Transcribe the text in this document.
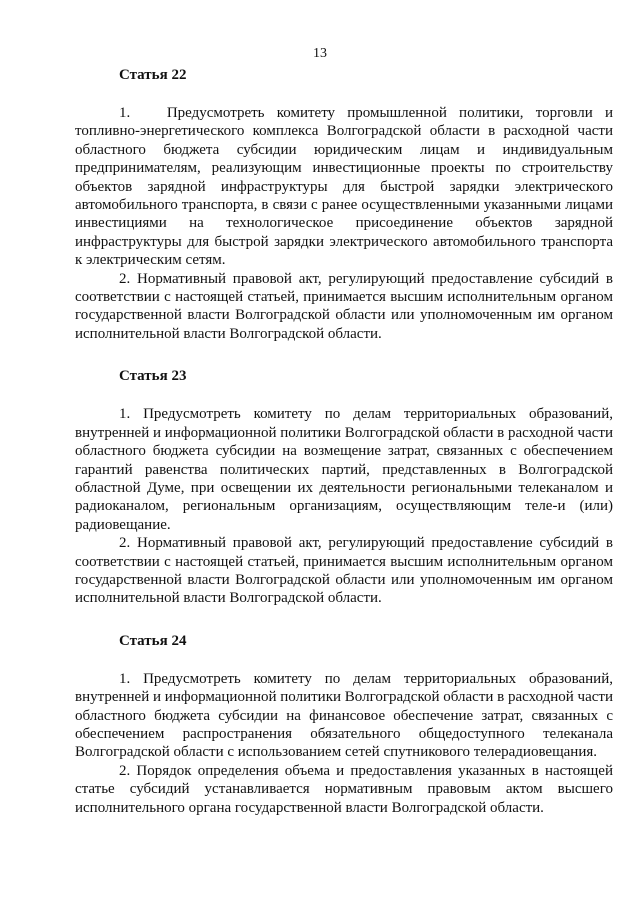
13
Статья 22

1.   Предусмотреть комитету промышленной политики, торговли и топливно-энергетического комплекса Волгоградской области в расходной части областного бюджета субсидии юридическим лицам и индивидуальным предпринимателям, реализующим инвестиционные проекты по строительству объектов зарядной инфраструктуры для быстрой зарядки электрического автомобильного транспорта, в связи с ранее осуществленными указанными лицами инвестициями на технологическое присоединение объектов зарядной инфраструктуры для быстрой зарядки электрического автомобильного транспорта к электрическим сетям.

2. Нормативный правовой акт, регулирующий предоставление субсидий в соответствии с настоящей статьей, принимается высшим исполнительным органом государственной власти Волгоградской области или уполномоченным им органом исполнительной власти Волгоградской области.

Статья 23

1. Предусмотреть комитету по делам территориальных образований, внутренней и информационной политики Волгоградской области в расходной части областного бюджета субсидии на возмещение затрат, связанных с обеспечением гарантий равенства политических партий, представленных в Волгоградской областной Думе, при освещении их деятельности региональными телеканалом и радиоканалом, региональным организациям, осуществляющим теле-и (или) радиовещание.

2. Нормативный правовой акт, регулирующий предоставление субсидий в соответствии с настоящей статьей, принимается высшим исполнительным органом государственной власти Волгоградской области или уполномоченным им органом исполнительной власти Волгоградской области.

Статья 24

1. Предусмотреть комитету по делам территориальных образований, внутренней и информационной политики Волгоградской области в расходной части областного бюджета субсидии на финансовое обеспечение затрат, связанных с обеспечением распространения обязательного общедоступного телеканала Волгоградской области с использованием сетей спутникового телерадиовещания.

2. Порядок определения объема и предоставления указанных в настоящей статье субсидий устанавливается нормативным правовым актом высшего исполнительного органа государственной власти Волгоградской области.
